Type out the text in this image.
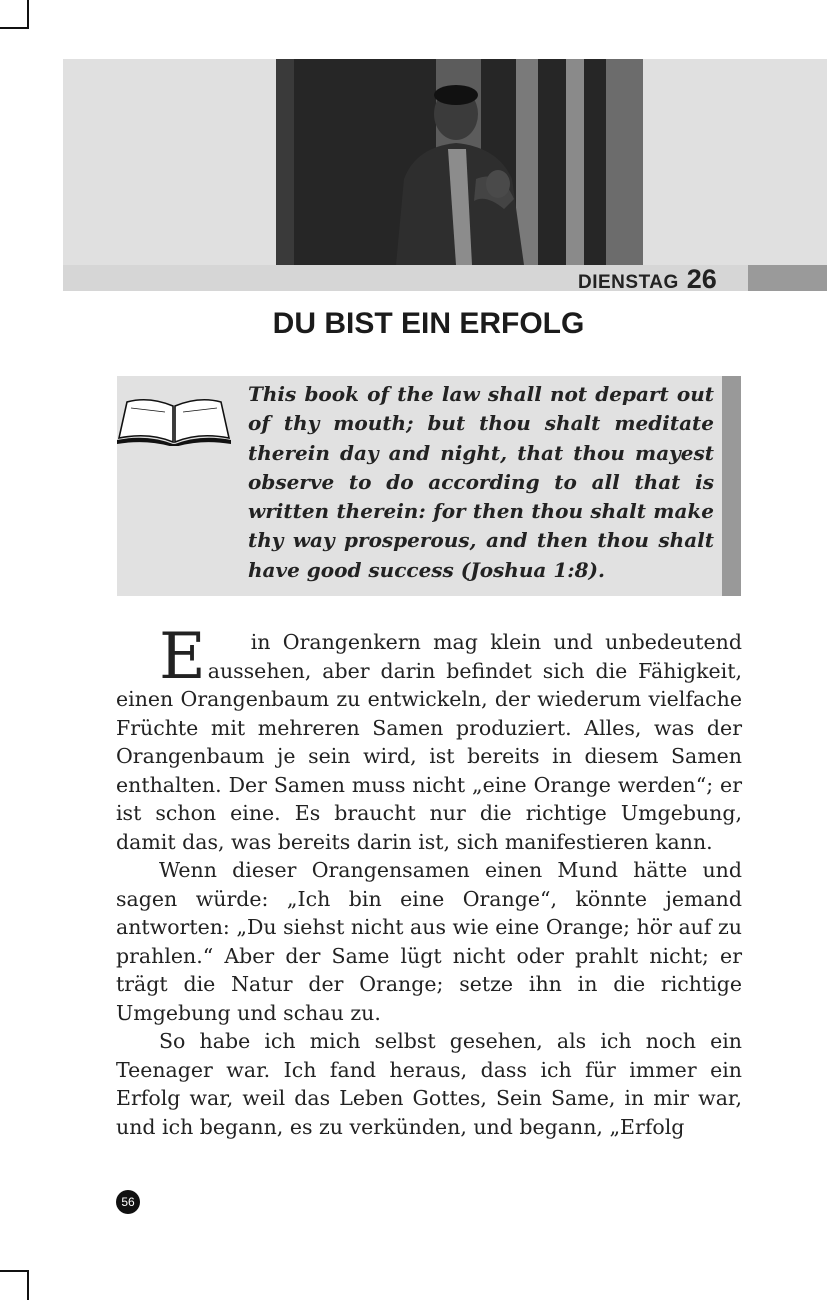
DIENSTAG 26
DU BIST EIN ERFOLG
This book of the law shall not depart out of thy mouth; but thou shalt meditate therein day and night, that thou mayest observe to do according to all that is written therein: for then thou shalt make thy way prosperous, and then thou shalt have good success (Joshua 1:8).

E in Orangenkern mag klein und unbedeutend aussehen, aber darin befindet sich die Fähigkeit, einen Orangenbaum zu entwickeln, der wiederum vielfache Früchte mit mehreren Samen produziert. Alles, was der Orangenbaum je sein wird, ist bereits in diesem Samen enthalten. Der Samen muss nicht „eine Orange werden“; er ist schon eine. Es braucht nur die richtige Umgebung, damit das, was bereits darin ist, sich manifestieren kann.

Wenn dieser Orangensamen einen Mund hätte und sagen würde: „Ich bin eine Orange“, könnte jemand antworten: „Du siehst nicht aus wie eine Orange; hör auf zu prahlen.“ Aber der Same lügt nicht oder prahlt nicht; er trägt die Natur der Orange; setze ihn in die richtige Umgebung und schau zu.

So habe ich mich selbst gesehen, als ich noch ein Teenager war. Ich fand heraus, dass ich für immer ein Erfolg war, weil das Leben Gottes, Sein Same, in mir war, und ich begann, es zu verkünden, und begann, „Erfolg

56
